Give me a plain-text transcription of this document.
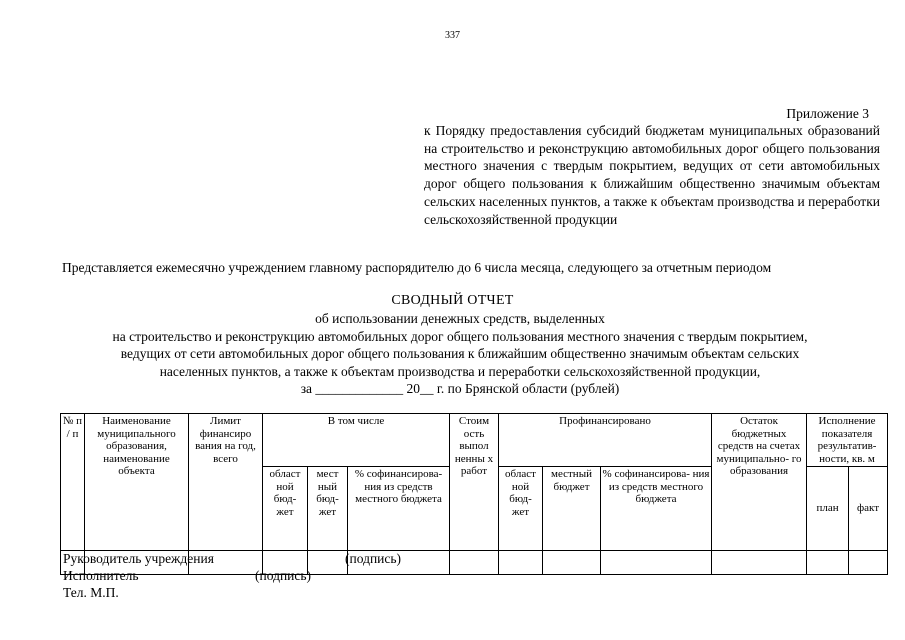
337
Приложение 3
к Порядку предоставления субсидий бюджетам муниципальных образований на строительство и реконструкцию автомобильных дорог общего пользования местного значения с твердым покрытием, ведущих от сети автомобильных дорог общего пользования к ближайшим общественно значимым объектам сельских населенных пунктов, а также к объектам производства и переработки сельскохозяйственной продукции
Представляется ежемесячно учреждением главному распорядителю до 6 числа месяца, следующего за отчетным периодом
СВОДНЫЙ ОТЧЕТ
об использовании денежных средств, выделенных
на строительство и реконструкцию автомобильных дорог общего пользования местного значения с твердым покрытием,
ведущих от сети автомобильных дорог общего пользования к ближайшим общественно значимым объектам сельских
населенных пунктов, а также к объектам производства и переработки сельскохозяйственной продукции,
за _____________ 20__ г. по Брянской области (рублей)
№ п / п	Наименование муниципального образования, наименование объекта	Лимит финансиро вания на год, всего	В том числе			Стоим ость выпол ненны х работ	Профинансировано			Остаток бюджетных средств на счетах муниципально- го образования	Исполнение показателя результатив- ности, кв. м	
			област ной бюд- жет	мест ный бюд- жет	% софинансирова- ния из средств местного бюджета		област ной бюд- жет	местный бюджет	% софинансирова- ния из средств местного бюджета		план	факт

Руководитель учреждения	(подпись)
Исполнитель	(подпись)
Тел. М.П.
